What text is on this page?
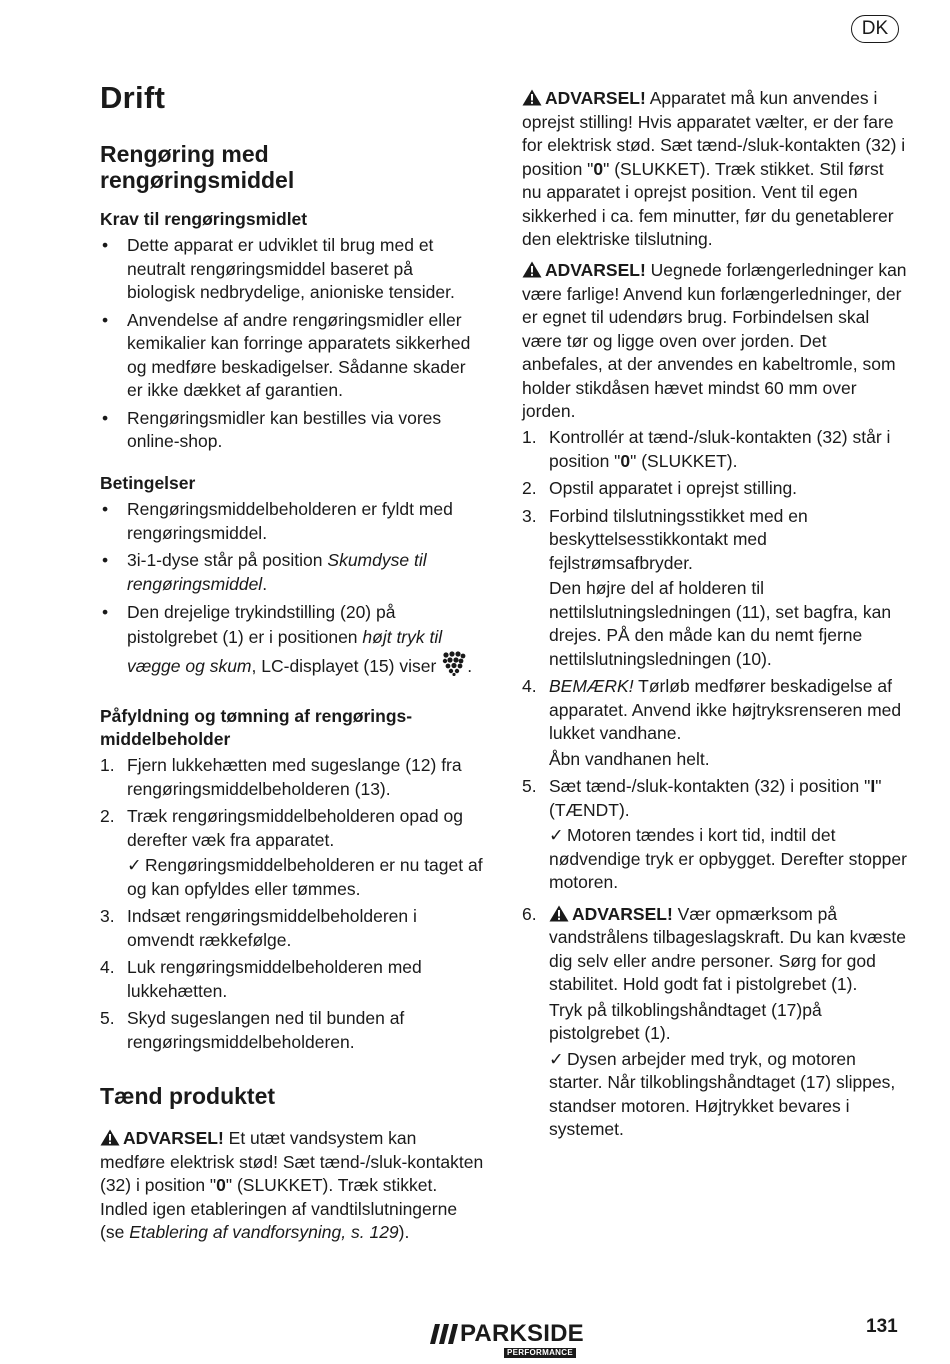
DK
Drift
Rengøring med
rengøringsmiddel
Krav til rengøringsmidlet
• Dette apparat er udviklet til brug med et neutralt rengøringsmiddel baseret på biologisk nedbrydelige, anioniske tensider.
• Anvendelse af andre rengøringsmidler eller kemikalier kan forringe apparatets sikkerhed og medføre beskadigelser. Sådanne skader er ikke dækket af garantien.
• Rengøringsmidler kan bestilles via vores online-shop.
Betingelser
• Rengøringsmiddelbeholderen er fyldt med rengøringsmiddel.
• 3i-1-dyse står på position Skumdyse til rengøringsmiddel.
• Den drejelige trykindstilling (20) på pistolgrebet (1) er i positionen højt tryk til vægge og skum, LC-displayet (15) viser .
Påfyldning og tømning af rengørings-
middelbeholder
1. Fjern lukkehætten med sugeslange (12) fra rengøringsmiddelbeholderen (13).
2. Træk rengøringsmiddelbeholderen opad og derefter væk fra apparatet.
✓ Rengøringsmiddelbeholderen er nu taget af og kan opfyldes eller tømmes.
3. Indsæt rengøringsmiddelbeholderen i omvendt rækkefølge.
4. Luk rengøringsmiddelbeholderen med lukkehætten.
5. Skyd sugeslangen ned til bunden af rengøringsmiddelbeholderen.
Tænd produktet

ADVARSEL! Et utæt vandsystem kan medføre elektrisk stød! Sæt tænd-/sluk-kontakten (32) i position "0" (SLUKKET). Træk stikket. Indled igen etableringen af vandtilslutningerne (se Etablering af vandforsyning, s. 129).

ADVARSEL! Apparatet må kun anvendes i oprejst stilling! Hvis apparatet vælter, er der fare for elektrisk stød. Sæt tænd-/sluk-kontakten (32) i position "0" (SLUKKET). Træk stikket. Stil først nu apparatet i oprejst position. Vent til egen sikkerhed i ca. fem minutter, før du genetablerer den elektriske tilslutning.

ADVARSEL! Uegnede forlængerledninger kan være farlige! Anvend kun forlængerledninger, der er egnet til udendørs brug. Forbindelsen skal være tør og ligge oven over jorden. Det anbefales, at der anvendes en kabeltromle, som holder stikdåsen hævet mindst 60 mm over jorden.

1. Kontrollér at tænd-/sluk-kontakten (32) står i position "0" (SLUKKET).
2. Opstil apparatet i oprejst stilling.
3. Forbind tilslutningsstikket med en beskyttelsesstikkontakt med fejlstrømsafbryder.
Den højre del af holderen til nettilslutningsledningen (11), set bagfra, kan drejes. PÅ den måde kan du nemt fjerne nettilslutningsledningen (10).
4. BEMÆRK! Tørløb medfører beskadigelse af apparatet. Anvend ikke højtryksrenseren med lukket vandhane.
Åbn vandhanen helt.
5. Sæt tænd-/sluk-kontakten (32) i position "I" (TÆNDT).
✓ Motoren tændes i kort tid, indtil det nødvendige tryk er opbygget. Derefter stopper motoren.
6. ADVARSEL! Vær opmærksom på vandstrålens tilbageslagskraft. Du kan kvæste dig selv eller andre personer. Sørg for god stabilitet. Hold godt fat i pistolgrebet (1).
Tryk på tilkoblingshåndtaget (17)på pistolgrebet (1).
✓ Dysen arbejder med tryk, og motoren starter. Når tilkoblingshåndtaget (17) slippes, standser motoren. Højtrykket bevares i systemet.
PARKSIDE
PERFORMANCE
131
